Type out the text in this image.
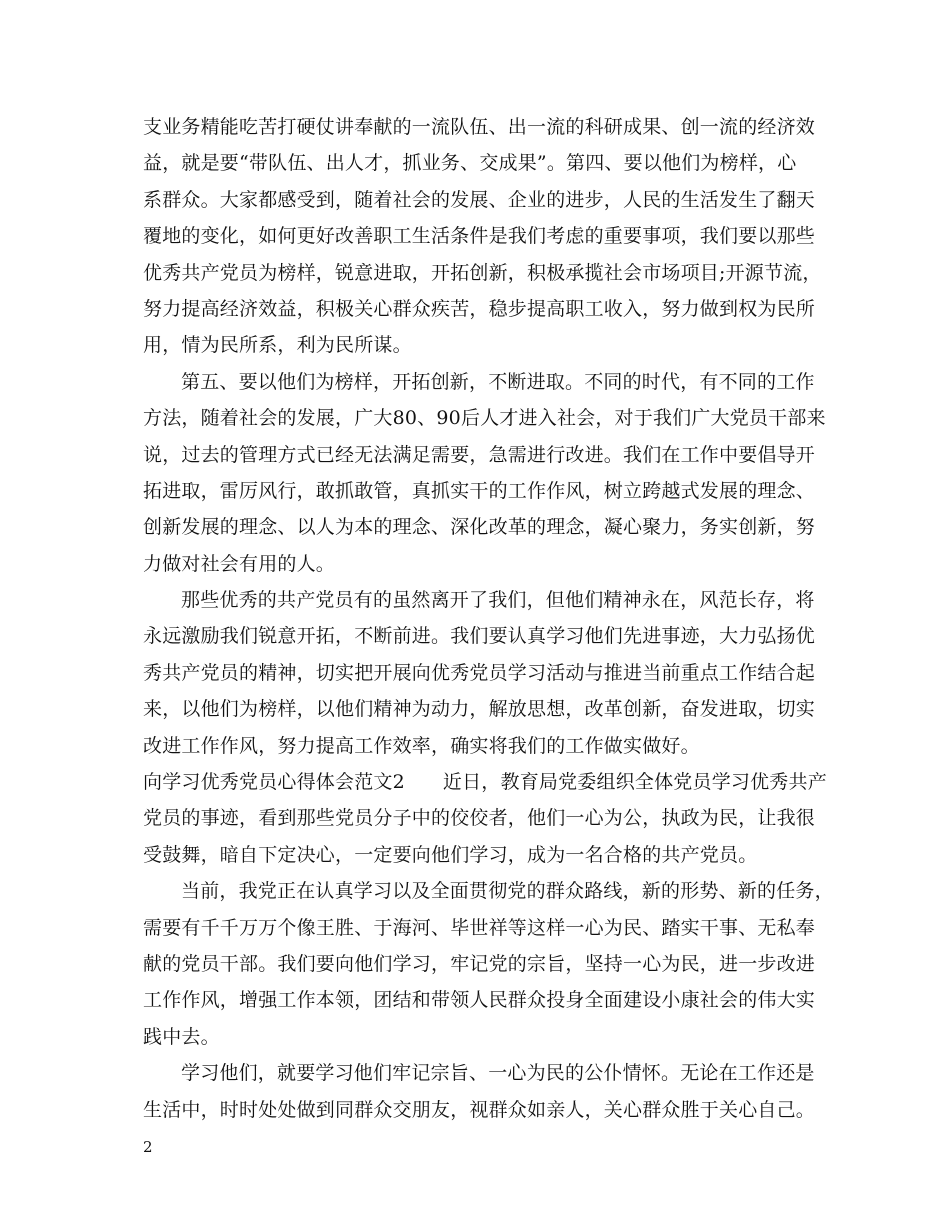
支业务精能吃苦打硬仗讲奉献的一流队伍、出一流的科研成果、创一流的经济效
益，就是要“带队伍、出人才，抓业务、交成果”。第四、要以他们为榜样，心
系群众。大家都感受到，随着社会的发展、企业的进步，人民的生活发生了翻天
覆地的变化，如何更好改善职工生活条件是我们考虑的重要事项，我们要以那些
优秀共产党员为榜样，锐意进取，开拓创新，积极承揽社会市场项目;开源节流，
努力提高经济效益，积极关心群众疾苦，稳步提高职工收入，努力做到权为民所
用，情为民所系，利为民所谋。
第五、要以他们为榜样，开拓创新，不断进取。不同的时代，有不同的工作
方法，随着社会的发展，广大80、90后人才进入社会，对于我们广大党员干部来
说，过去的管理方式已经无法满足需要，急需进行改进。我们在工作中要倡导开
拓进取，雷厉风行，敢抓敢管，真抓实干的工作作风，树立跨越式发展的理念、
创新发展的理念、以人为本的理念、深化改革的理念，凝心聚力，务实创新，努
力做对社会有用的人。
那些优秀的共产党员有的虽然离开了我们，但他们精神永在，风范长存，将
永远激励我们锐意开拓，不断前进。我们要认真学习他们先进事迹，大力弘扬优
秀共产党员的精神，切实把开展向优秀党员学习活动与推进当前重点工作结合起
来，以他们为榜样，以他们精神为动力，解放思想，改革创新，奋发进取，切实
改进工作作风，努力提高工作效率，确实将我们的工作做实做好。
向学习优秀党员心得体会范文2 近日，教育局党委组织全体党员学习优秀共产
党员的事迹，看到那些党员分子中的佼佼者，他们一心为公，执政为民，让我很
受鼓舞，暗自下定决心，一定要向他们学习，成为一名合格的共产党员。
当前，我党正在认真学习以及全面贯彻党的群众路线，新的形势、新的任务，
需要有千千万万个像王胜、于海河、毕世祥等这样一心为民、踏实干事、无私奉
献的党员干部。我们要向他们学习，牢记党的宗旨，坚持一心为民，进一步改进
工作作风，增强工作本领，团结和带领人民群众投身全面建设小康社会的伟大实
践中去。
学习他们，就要学习他们牢记宗旨、一心为民的公仆情怀。无论在工作还是
生活中，时时处处做到同群众交朋友，视群众如亲人，关心群众胜于关心自己。
2
